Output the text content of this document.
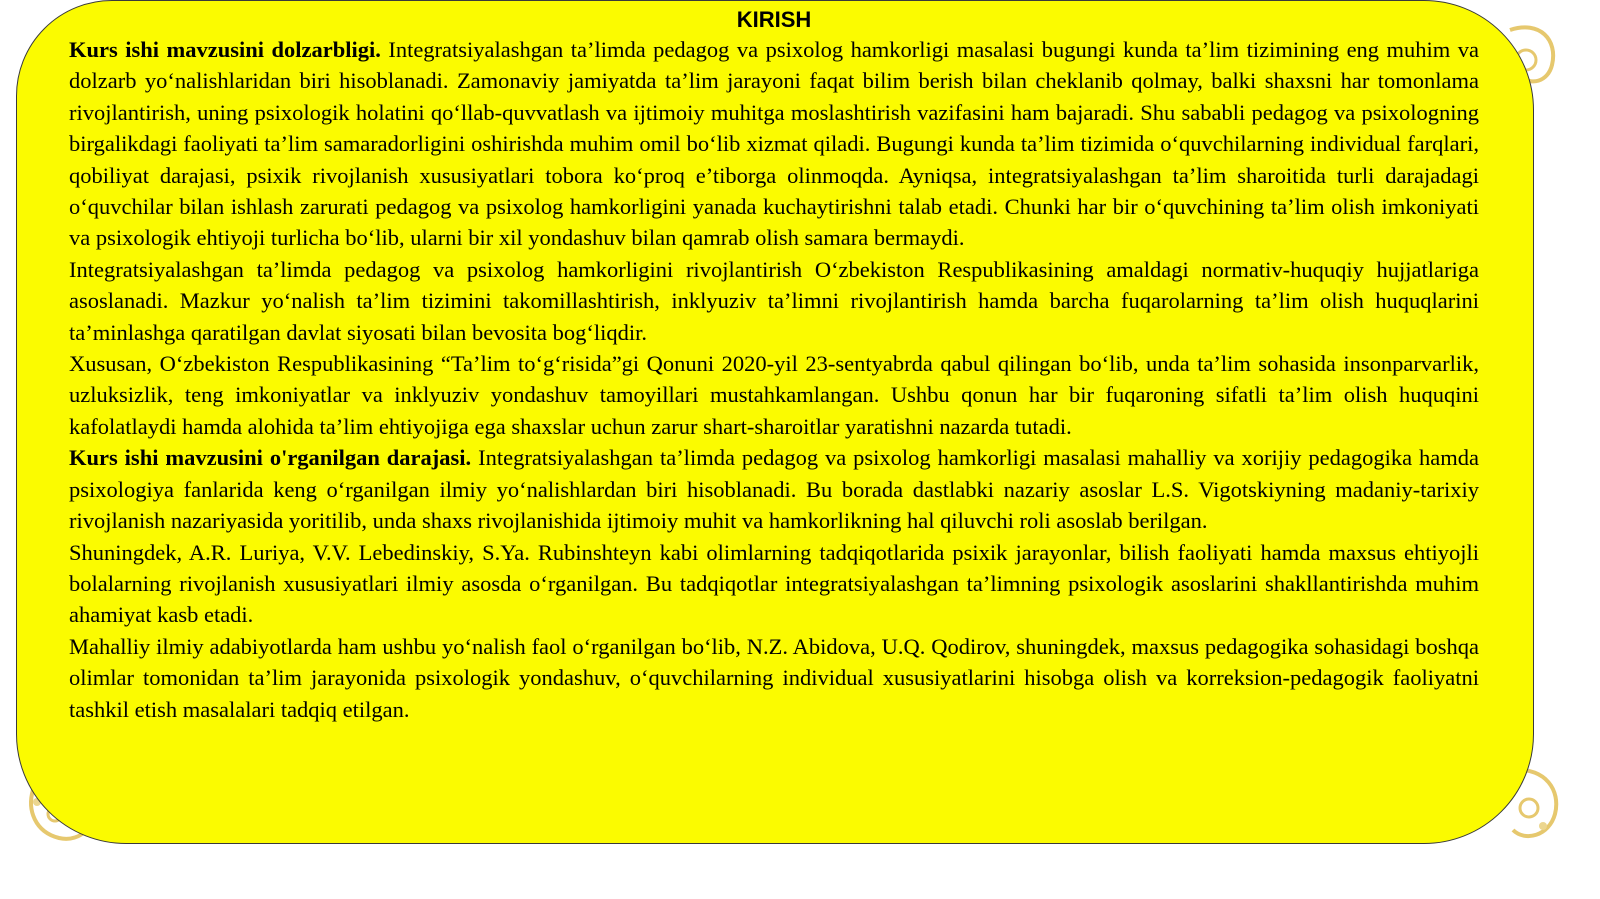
KIRISH

Kurs ishi mavzusini dolzarbligi. Integratsiyalashgan ta’limda pedagog va psixolog hamkorligi masalasi bugungi kunda ta’lim tizimining eng muhim va dolzarb yo‘nalishlaridan biri hisoblanadi. Zamonaviy jamiyatda ta’lim jarayoni faqat bilim berish bilan cheklanib qolmay, balki shaxsni har tomonlama rivojlantirish, uning psixologik holatini qo‘llab-quvvatlash va ijtimoiy muhitga moslashtirish vazifasini ham bajaradi. Shu sababli pedagog va psixologning birgalikdagi faoliyati ta’lim samaradorligini oshirishda muhim omil bo‘lib xizmat qiladi. Bugungi kunda ta’lim tizimida o‘quvchilarning individual farqlari, qobiliyat darajasi, psixik rivojlanish xususiyatlari tobora ko‘proq e’tiborga olinmoqda. Ayniqsa, integratsiyalashgan ta’lim sharoitida turli darajadagi o‘quvchilar bilan ishlash zarurati pedagog va psixolog hamkorligini yanada kuchaytirishni talab etadi. Chunki har bir o‘quvchining ta’lim olish imkoniyati va psixologik ehtiyoji turlicha bo‘lib, ularni bir xil yondashuv bilan qamrab olish samara bermaydi.

Integratsiyalashgan ta’limda pedagog va psixolog hamkorligini rivojlantirish O‘zbekiston Respublikasining amaldagi normativ-huquqiy hujjatlariga asoslanadi. Mazkur yo‘nalish ta’lim tizimini takomillashtirish, inklyuziv ta’limni rivojlantirish hamda barcha fuqarolarning ta’lim olish huquqlarini ta’minlashga qaratilgan davlat siyosati bilan bevosita bog‘liqdir.

Xususan, O‘zbekiston Respublikasining “Ta’lim to‘g‘risida”gi Qonuni 2020-yil 23-sentyabrda qabul qilingan bo‘lib, unda ta’lim sohasida insonparvarlik, uzluksizlik, teng imkoniyatlar va inklyuziv yondashuv tamoyillari mustahkamlangan. Ushbu qonun har bir fuqaroning sifatli ta’lim olish huquqini kafolatlaydi hamda alohida ta’lim ehtiyojiga ega shaxslar uchun zarur shart-sharoitlar yaratishni nazarda tutadi.

Kurs ishi mavzusini o'rganilgan darajasi. Integratsiyalashgan ta’limda pedagog va psixolog hamkorligi masalasi mahalliy va xorijiy pedagogika hamda psixologiya fanlarida keng o‘rganilgan ilmiy yo‘nalishlardan biri hisoblanadi. Bu borada dastlabki nazariy asoslar L.S. Vigotskiyning madaniy-tarixiy rivojlanish nazariyasida yoritilib, unda shaxs rivojlanishida ijtimoiy muhit va hamkorlikning hal qiluvchi roli asoslab berilgan.

Shuningdek, A.R. Luriya, V.V. Lebedinskiy, S.Ya. Rubinshteyn kabi olimlarning tadqiqotlarida psixik jarayonlar, bilish faoliyati hamda maxsus ehtiyojli bolalarning rivojlanish xususiyatlari ilmiy asosda o‘rganilgan. Bu tadqiqotlar integratsiyalashgan ta’limning psixologik asoslarini shakllantirishda muhim ahamiyat kasb etadi.

Mahalliy ilmiy adabiyotlarda ham ushbu yo‘nalish faol o‘rganilgan bo‘lib, N.Z. Abidova, U.Q. Qodirov, shuningdek, maxsus pedagogika sohasidagi boshqa olimlar tomonidan ta’lim jarayonida psixologik yondashuv, o‘quvchilarning individual xususiyatlarini hisobga olish va korreksion-pedagogik faoliyatni tashkil etish masalalari tadqiq etilgan.
